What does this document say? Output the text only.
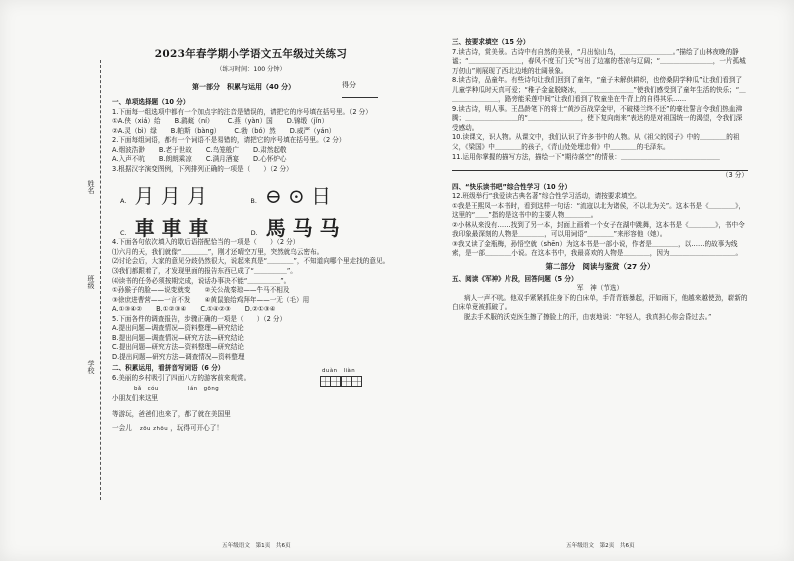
姓名
班级
学校
2023年春学期小学语文五年级过关练习
（练习时间：100 分钟）
第一部分　积累与运用（40 分）	得分
一、单项选择题（10 分）

1.下面每一组选项中都有一个加点字的注音是错误的，请把它的序号填在括号里。（2 分）

①A.侠（xiá）给 B.鹞蜓（ní） C.燕（yàn）国 D.锦缎（jǐn）
②A.灵（bì）绿 B.帕斯（bàng） C.勃（bó）然 D.威严（yán）

2.下面每组词语，都有一个词语不是易错的，请把它的序号填在括号里。（2 分）

A.烟波浩渺 B.老于世故 C.鸟笼般广 D.肃然起敬
A.入声不吭 B.朗朗乘凉 C.满月酒宴 D.心怀炉心

3.根据汉字演变图例，下列排列正确的一项是（　　）（2 分）

A. 月 ⽉ 月	B. ⊖ ⊙ 日
C. 車 車 車	D. 馬 马 马

4.下面各句依次填入的歇后语搭配恰当的一项是（　　）（2 分）

⑴六月的天，我们就像“＿＿＿＿”，刚才还晴空万里，突然就乌云密布。

⑵讨论会后，大家的意见分歧仍然很大，说起来真是“＿＿＿＿”，不知道向哪个里走找的意见。

⑶我们都跟着了，才发现里面的报告东西已成了“＿＿＿＿＿”。

⑷读书的任务必须按期完成，说话办事决不能“＿＿＿＿＿”。

①孙猴子的脸——说变就变 ②关公战秦琼——牛马不相及
③徐庶进曹营——一言不发 ④黄鼠狼给鸡拜年——一无（毛）用
A.①③④② B.①②③④ C.①④②③ D.②①③④

5.下面各件的调查报告，步骤正确的一项是（　　）（2 分）

A.提出问题—调查情况—资料整理—研究结论
B.提出问题—调查情况—研究方法—研究结论
C.提出问题—研究方法—资料整理—研究结论
D.提出问题—研究方法—调查情况—资料整理
二、积累运用，看拼音写词语（6 分）
6.美丽的乡村吸引了四面八方的游客前来观赏。
duàn　liàn
bǎ　cóu
小朋友们来这里
lán　gōng
等游玩，爸爸们也来了，都了就在美国里
一会儿 zōu zhōu ，玩得可开心了！
三、按要求填空（15 分）

7.读古诗，赏美景。古诗中有自然的美景，“月出惊山鸟，＿＿＿＿＿＿＿＿。”描绘了山林夜晚的静谧；“＿＿＿＿＿＿＿＿，春风不度玉门关”写出了边塞的苍凉与辽阔；“＿＿＿＿＿＿＿＿，一片孤城万仞山”则展现了西北边地的壮阔景象。

8.读古诗，品童年。有些诗句让我们回到了童年，“童子未解供耕织，也傍桑阴学种瓜”让我们看到了儿童学种瓜时天真可爱；“稚子金盆脱晓冰，＿＿＿＿＿＿＿＿”使我们感受到了童年生活的快乐；“＿＿＿＿＿＿＿＿，路旁能采莲中间”让我们看到了牧童坐在牛背上的自得其乐……

9.读古诗，明人事。王昌龄笔下的将士“黄沙百战穿金甲，不破楼兰终不还”的豪壮誓言令我们热血沸腾；＿＿＿＿＿＿＿＿的“＿＿＿＿＿＿＿＿，使下复向南来”表达的是对祖国统一的渴望，令我们深受感动。

10.读课文，识人物。从课文中，我们认识了许多书中的人物。从《祖父的园子》中的＿＿＿＿的祖父，《梁国》中＿＿＿＿的孩子，《青山处处埋忠骨》中＿＿＿＿的毛泽东。

11.运用你掌握的描写方法，描绘一下“期待落空”的情景：＿＿＿＿＿＿＿＿＿＿＿＿＿＿＿

（3 分）
四、“快乐读书吧”综合性学习（10 分）

12.班级举行“我爱读古典名著”综合性学习活动，请按要求填空。

①我是王熙凤一本书时，看到这样一句话：“流寇以北为诸侯，不以北为关”。这本书是《＿＿＿＿》，这里的“＿＿”指的是这书中的主要人物＿＿＿＿。

②小林从来没有……找到了另一本，封面上画着一个女子在湖中跳舞，这本书是《＿＿＿＿》，书中令我印象最深刻的人物是＿＿＿＿，可以用词语“＿＿＿＿”来形容他（她）。

③我又读了金瓶梅，孙悟空就（shēn）为这本书是一部小说，作者是＿＿＿＿，以……的故事为线索，是一部＿＿＿＿小说。在这本书中，我最喜欢的人物是＿＿＿＿，因为＿＿＿＿＿＿＿＿＿＿。

第二部分　阅读与鉴赏（27 分）
五、阅读《军神》片段，回答问题（5 分）
军　神（节选）

病人一声不吭。他双手紧紧抓住身下的白床单，手背青筋暴起，汗如雨下，他越来越使劲，崭新的白床单竟被抓破了。

脱去手术服的沃克医生擦了擦脸上的汗，由衷地说：“年轻人，我真担心你会昏过去。”

五年级语文　第1页　共6页	五年级语文　第2页　共6页
